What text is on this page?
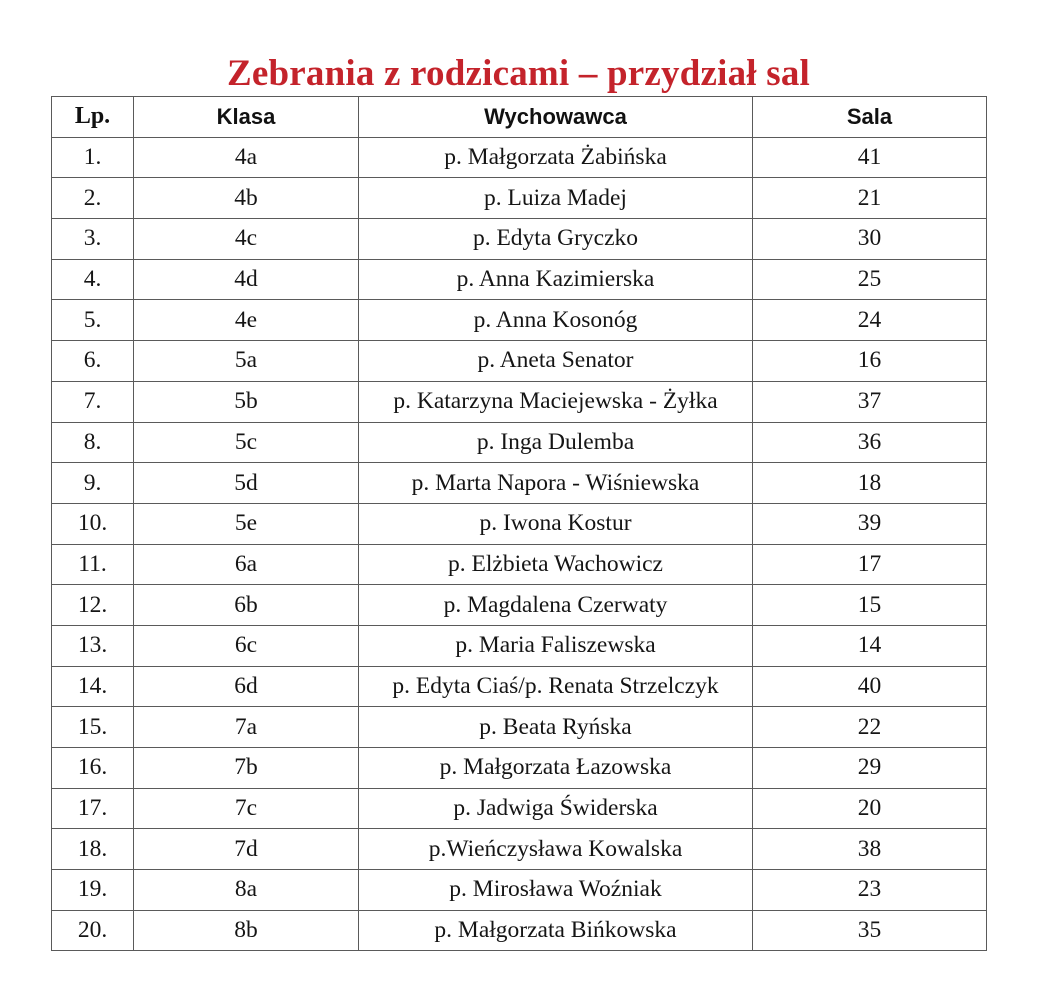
Zebrania z rodzicami – przydział sal
Lp.	Klasa	Wychowawca	Sala
1.	4a	p. Małgorzata Żabińska	41
2.	4b	p. Luiza Madej	21
3.	4c	p. Edyta Gryczko	30
4.	4d	p. Anna Kazimierska	25
5.	4e	p. Anna Kosonóg	24
6.	5a	p. Aneta Senator	16
7.	5b	p. Katarzyna Maciejewska - Żyłka	37
8.	5c	p. Inga Dulemba	36
9.	5d	p. Marta Napora - Wiśniewska	18
10.	5e	p. Iwona Kostur	39
11.	6a	p. Elżbieta Wachowicz	17
12.	6b	p. Magdalena Czerwaty	15
13.	6c	p. Maria Faliszewska	14
14.	6d	p. Edyta Ciaś/p. Renata Strzelczyk	40
15.	7a	p. Beata Ryńska	22
16.	7b	p. Małgorzata Łazowska	29
17.	7c	p. Jadwiga Świderska	20
18.	7d	p.Wieńczysława Kowalska	38
19.	8a	p. Mirosława Woźniak	23
20.	8b	p. Małgorzata Bińkowska	35
